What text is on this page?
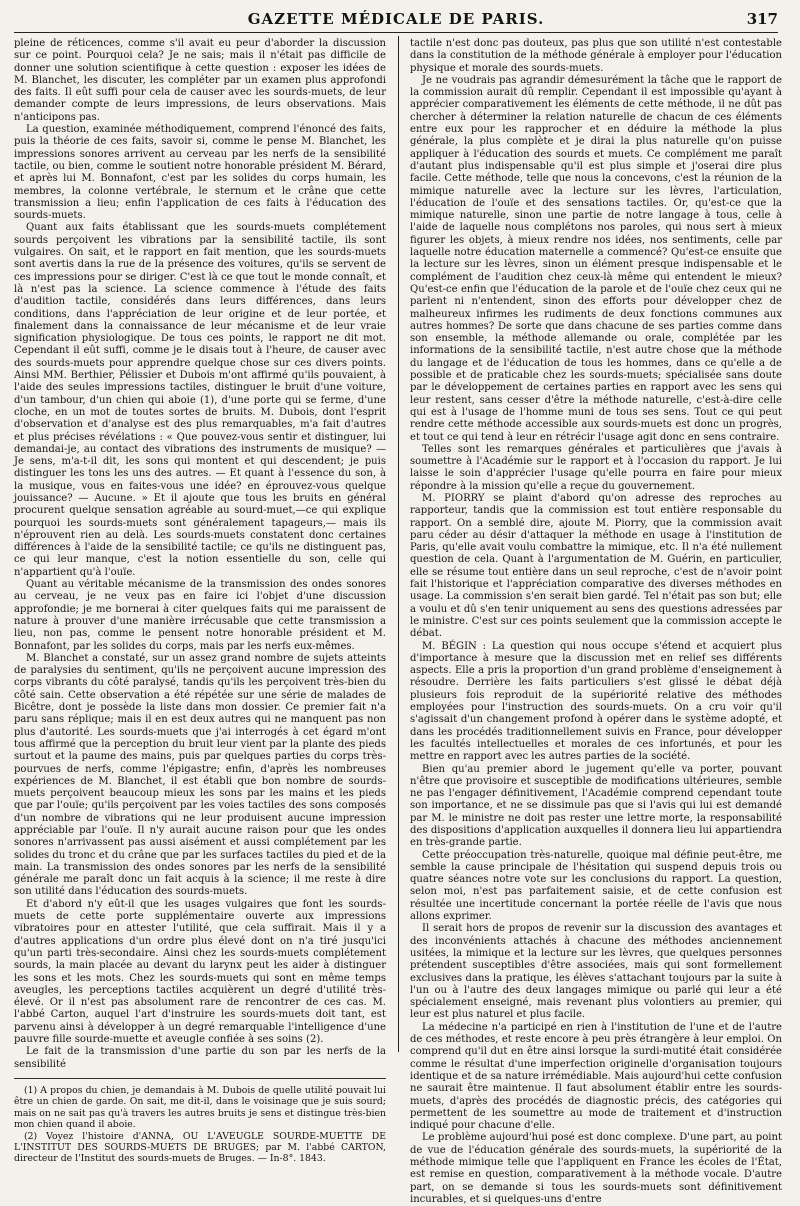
GAZETTE MÉDICALE DE PARIS.	317

pleine de réticences, comme s'il avait eu peur d'aborder la discussion sur ce point. Pourquoi cela? Je ne sais; mais il n'était pas difficile de donner une solution scientifique à cette question : exposer les idées de M. Blanchet, les discuter, les compléter par un examen plus approfondi des faits. Il eût suffi pour cela de causer avec les sourds-muets, de leur demander compte de leurs impressions, de leurs observations. Mais n'anticipons pas.

La question, examinée méthodiquement, comprend l'énoncé des faits, puis la théorie de ces faits, savoir si, comme le pense M. Blanchet, les impressions sonores arrivent au cerveau par les nerfs de la sensibilité tactile, ou bien, comme le soutient notre honorable président M. Bérard, et après lui M. Bonnafont, c'est par les solides du corps humain, les membres, la colonne vertébrale, le sternum et le crâne que cette transmission a lieu; enfin l'application de ces faits à l'éducation des sourds-muets.

Quant aux faits établissant que les sourds-muets complétement sourds perçoivent les vibrations par la sensibilité tactile, ils sont vulgaires. On sait, et le rapport en fait mention, que les sourds-muets sont avertis dans la rue de la présence des voitures, qu'ils se servent de ces impressions pour se diriger. C'est là ce que tout le monde connaît, et là n'est pas la science. La science commence à l'étude des faits d'audition tactile, considérés dans leurs différences, dans leurs conditions, dans l'appréciation de leur origine et de leur portée, et finalement dans la connaissance de leur mécanisme et de leur vraie signification physiologique. De tous ces points, le rapport ne dit mot. Cependant il eût suffi, comme je le disais tout à l'heure, de causer avec des sourds-muets pour apprendre quelque chose sur ces divers points. Ainsi MM. Berthier, Pélissier et Dubois m'ont affirmé qu'ils pouvaient, à l'aide des seules impressions tactiles, distinguer le bruit d'une voiture, d'un tambour, d'un chien qui aboie (1), d'une porte qui se ferme, d'une cloche, en un mot de toutes sortes de bruits. M. Dubois, dont l'esprit d'observation et d'analyse est des plus remarquables, m'a fait d'autres et plus précises révélations : « Que pouvez-vous sentir et distinguer, lui demandai-je, au contact des vibrations des instruments de musique? — Je sens, m'a-t-il dit, les sons qui montent et qui descendent; je puis distinguer les tons les uns des autres. — Et quant à l'essence du son, à la musique, vous en faites-vous une idée? en éprouvez-vous quelque jouissance? — Aucune. » Et il ajoute que tous les bruits en général procurent quelque sensation agréable au sourd-muet,—ce qui explique pourquoi les sourds-muets sont généralement tapageurs,— mais ils n'éprouvent rien au delà. Les sourds-muets constatent donc certaines différences à l'aide de la sensibilité tactile; ce qu'ils ne distinguent pas, ce qui leur manque, c'est la notion essentielle du son, celle qui n'appartient qu'à l'ouïe.

Quant au véritable mécanisme de la transmission des ondes sonores au cerveau, je ne veux pas en faire ici l'objet d'une discussion approfondie; je me bornerai à citer quelques faits qui me paraissent de nature à prouver d'une manière irrécusable que cette transmission a lieu, non pas, comme le pensent notre honorable président et M. Bonnafont, par les solides du corps, mais par les nerfs eux-mêmes.

M. Blanchet a constaté, sur un assez grand nombre de sujets atteints de paralysies du sentiment, qu'ils ne perçoivent aucune impression des corps vibrants du côté paralysé, tandis qu'ils les perçoivent très-bien du côté sain. Cette observation a été répétée sur une série de malades de Bicêtre, dont je possède la liste dans mon dossier. Ce premier fait n'a paru sans réplique; mais il en est deux autres qui ne manquent pas non plus d'autorité. Les sourds-muets que j'ai interrogés à cet égard m'ont tous affirmé que la perception du bruit leur vient par la plante des pieds surtout et la paume des mains, puis par quelques parties du corps très-pourvues de nerfs, comme l'épigastre; enfin, d'après les nombreuses expériences de M. Blanchet, il est établi que bon nombre de sourds-muets perçoivent beaucoup mieux les sons par les mains et les pieds que par l'ouïe; qu'ils perçoivent par les voies tactiles des sons composés d'un nombre de vibrations qui ne leur produisent aucune impression appréciable par l'ouïe. Il n'y aurait aucune raison pour que les ondes sonores n'arrivassent pas aussi aisément et aussi complétement par les solides du tronc et du crâne que par les surfaces tactiles du pied et de la main. La transmission des ondes sonores par les nerfs de la sensibilité générale me paraît donc un fait acquis à la science; il me reste à dire son utilité dans l'éducation des sourds-muets.

Et d'abord n'y eût-il que les usages vulgaires que font les sourds-muets de cette porte supplémentaire ouverte aux impressions vibratoires pour en attester l'utilité, que cela suffirait. Mais il y a d'autres applications d'un ordre plus élevé dont on n'a tiré jusqu'ici qu'un parti très-secondaire. Ainsi chez les sourds-muets complétement sourds, la main placée au devant du larynx peut les aider à distinguer les sons et les mots. Chez les sourds-muets qui sont en même temps aveugles, les perceptions tactiles acquièrent un degré d'utilité très-élevé. Or il n'est pas absolument rare de rencontrer de ces cas. M. l'abbé Carton, auquel l'art d'instruire les sourds-muets doit tant, est parvenu ainsi à développer à un degré remarquable l'intelligence d'une pauvre fille sourde-muette et aveugle confiée à ses soins (2).

Le fait de la transmission d'une partie du son par les nerfs de la sensibilité

(1) A propos du chien, je demandais à M. Dubois de quelle utilité pouvait lui être un chien de garde. On sait, me dit-il, dans le voisinage que je suis sourd; mais on ne sait pas qu'à travers les autres bruits je sens et distingue très-bien mon chien quand il aboie.

(2) Voyez l'histoire d'ANNA, OU L'AVEUGLE SOURDE-MUETTE DE L'INSTITUT DES SOURDS-MUETS DE BRUGES; par M. l'abbé CARTON, directeur de l'Institut des sourds-muets de Bruges. — In-8°. 1843.

tactile n'est donc pas douteux, pas plus que son utilité n'est contestable dans la constitution de la méthode générale à employer pour l'éducation physique et morale des sourds-muets.

Je ne voudrais pas agrandir démesurément la tâche que le rapport de la commission aurait dû remplir. Cependant il est impossible qu'ayant à apprécier comparativement les éléments de cette méthode, il ne dût pas chercher à déterminer la relation naturelle de chacun de ces éléments entre eux pour les rapprocher et en déduire la méthode la plus générale, la plus complète et je dirai la plus naturelle qu'on puisse appliquer à l'éducation des sourds et muets. Ce complément me paraît d'autant plus indispensable qu'il est plus simple et j'oserai dire plus facile. Cette méthode, telle que nous la concevons, c'est la réunion de la mimique naturelle avec la lecture sur les lèvres, l'articulation, l'éducation de l'ouïe et des sensations tactiles. Or, qu'est-ce que la mimique naturelle, sinon une partie de notre langage à tous, celle à l'aide de laquelle nous complétons nos paroles, qui nous sert à mieux figurer les objets, à mieux rendre nos idées, nos sentiments, celle par laquelle notre éducation maternelle a commencé? Qu'est-ce ensuite que la lecture sur les lèvres, sinon un élément presque indispensable et le complément de l'audition chez ceux-là même qui entendent le mieux? Qu'est-ce enfin que l'éducation de la parole et de l'ouïe chez ceux qui ne parlent ni n'entendent, sinon des efforts pour développer chez de malheureux infirmes les rudiments de deux fonctions communes aux autres hommes? De sorte que dans chacune de ses parties comme dans son ensemble, la méthode allemande ou orale, complétée par les informations de la sensibilité tactile, n'est autre chose que la méthode du langage et de l'éducation de tous les hommes, dans ce qu'elle a de possible et de praticable chez les sourds-muets; spécialisée sans doute par le développement de certaines parties en rapport avec les sens qui leur restent, sans cesser d'être la méthode naturelle, c'est-à-dire celle qui est à l'usage de l'homme muni de tous ses sens. Tout ce qui peut rendre cette méthode accessible aux sourds-muets est donc un progrès, et tout ce qui tend à leur en rétrécir l'usage agit donc en sens contraire.

Telles sont les remarques générales et particulières que j'avais à soumettre à l'Académie sur le rapport et à l'occasion du rapport. Je lui laisse le soin d'apprécier l'usage qu'elle pourra en faire pour mieux répondre à la mission qu'elle a reçue du gouvernement.

M. PIORRY se plaint d'abord qu'on adresse des reproches au rapporteur, tandis que la commission est tout entière responsable du rapport. On a semblé dire, ajoute M. Piorry, que la commission avait paru céder au désir d'attaquer la méthode en usage à l'institution de Paris, qu'elle avait voulu combattre la mimique, etc. Il n'a été nullement question de cela. Quant à l'argumentation de M. Guérin, en particulier, elle se résume tout entière dans un seul reproche, c'est de n'avoir point fait l'historique et l'appréciation comparative des diverses méthodes en usage. La commission s'en serait bien gardé. Tel n'était pas son but; elle a voulu et dû s'en tenir uniquement au sens des questions adressées par le ministre. C'est sur ces points seulement que la commission accepte le débat.

M. BÉGIN : La question qui nous occupe s'étend et acquiert plus d'importance à mesure que la discussion met en relief ses différents aspects. Elle a pris la proportion d'un grand problème d'enseignement à résoudre. Derrière les faits particuliers s'est glissé le débat déjà plusieurs fois reproduit de la supériorité relative des méthodes employées pour l'instruction des sourds-muets. On a cru voir qu'il s'agissait d'un changement profond à opérer dans le système adopté, et dans les procédés traditionnellement suivis en France, pour développer les facultés intellectuelles et morales de ces infortunés, et pour les mettre en rapport avec les autres parties de la société.

Bien qu'au premier abord le jugement qu'elle va porter, pouvant n'être que provisoire et susceptible de modifications ultérieures, semble ne pas l'engager définitivement, l'Académie comprend cependant toute son importance, et ne se dissimule pas que si l'avis qui lui est demandé par M. le ministre ne doit pas rester une lettre morte, la responsabilité des dispositions d'application auxquelles il donnera lieu lui appartiendra en très-grande partie.

Cette préoccupation très-naturelle, quoique mal définie peut-être, me semble la cause principale de l'hésitation qui suspend depuis trois ou quatre séances notre vote sur les conclusions du rapport. La question, selon moi, n'est pas parfaitement saisie, et de cette confusion est résultée une incertitude concernant la portée réelle de l'avis que nous allons exprimer.

Il serait hors de propos de revenir sur la discussion des avantages et des inconvénients attachés à chacune des méthodes anciennement usitées, la mimique et la lecture sur les lèvres, que quelques personnes prétendent susceptibles d'être associées, mais qui sont formellement exclusives dans la pratique, les élèves s'attachant toujours par la suite à l'un ou à l'autre des deux langages mimique ou parlé qui leur a été spécialement enseigné, mais revenant plus volontiers au premier, qui leur est plus naturel et plus facile.

La médecine n'a participé en rien à l'institution de l'une et de l'autre de ces méthodes, et reste encore à peu près étrangère à leur emploi. On comprend qu'il dut en être ainsi lorsque la surdi-mutité était considérée comme le résultat d'une imperfection originelle d'organisation toujours identique et de sa nature irrémédiable. Mais aujourd'hui cette confusion ne saurait être maintenue. Il faut absolument établir entre les sourds-muets, d'après des procédés de diagnostic précis, des catégories qui permettent de les soumettre au mode de traitement et d'instruction indiqué pour chacune d'elle.

Le problème aujourd'hui posé est donc complexe. D'une part, au point de vue de l'éducation générale des sourds-muets, la supériorité de la méthode mimique telle que l'appliquent en France les écoles de l'État, est remise en question, comparativement à la méthode vocale. D'autre part, on se demande si tous les sourds-muets sont définitivement incurables, et si quelques-uns d'entre
